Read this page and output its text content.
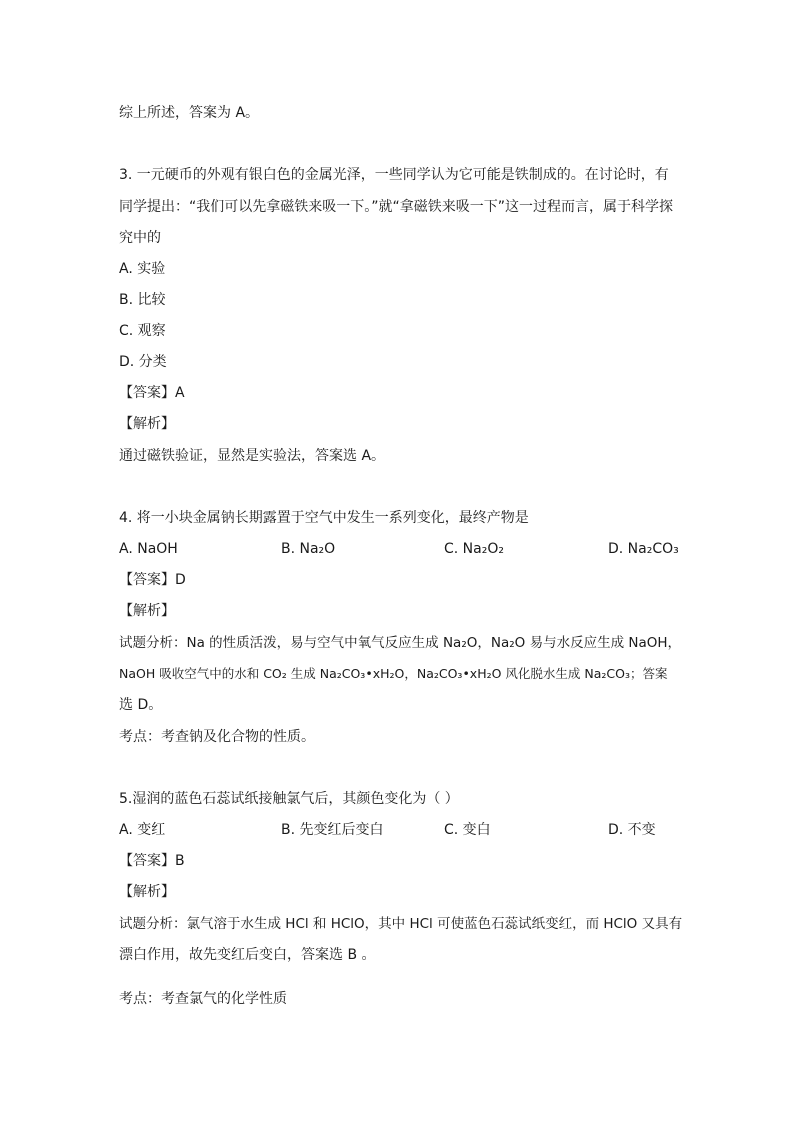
综上所述，答案为 A。
3. 一元硬币的外观有银白色的金属光泽，一些同学认为它可能是铁制成的。在讨论时，有
同学提出：“我们可以先拿磁铁来吸一下。”就“拿磁铁来吸一下”这一过程而言，属于科学探
究中的
A. 实验
B. 比较
C. 观察
D. 分类
【答案】A
【解析】
通过磁铁验证，显然是实验法，答案选 A。
4. 将一小块金属钠长期露置于空气中发生一系列变化，最终产物是
A. NaOH	B. Na₂O	C. Na₂O₂	D. Na₂CO₃
【答案】D
【解析】
试题分析：Na 的性质活泼，易与空气中氧气反应生成 Na₂O，Na₂O 易与水反应生成 NaOH，
NaOH 吸收空气中的水和 CO₂ 生成 Na₂CO₃•xH₂O，Na₂CO₃•xH₂O 风化脱水生成 Na₂CO₃；答案
选 D。
考点：考查钠及化合物的性质。
5.湿润的蓝色石蕊试纸接触氯气后，其颜色变化为（ ）
A. 变红	B. 先变红后变白	C. 变白	D. 不变
【答案】B
【解析】
试题分析：氯气溶于水生成 HCl 和 HClO，其中 HCl 可使蓝色石蕊试纸变红，而 HClO 又具有
漂白作用，故先变红后变白，答案选 B 。
考点：考查氯气的化学性质
